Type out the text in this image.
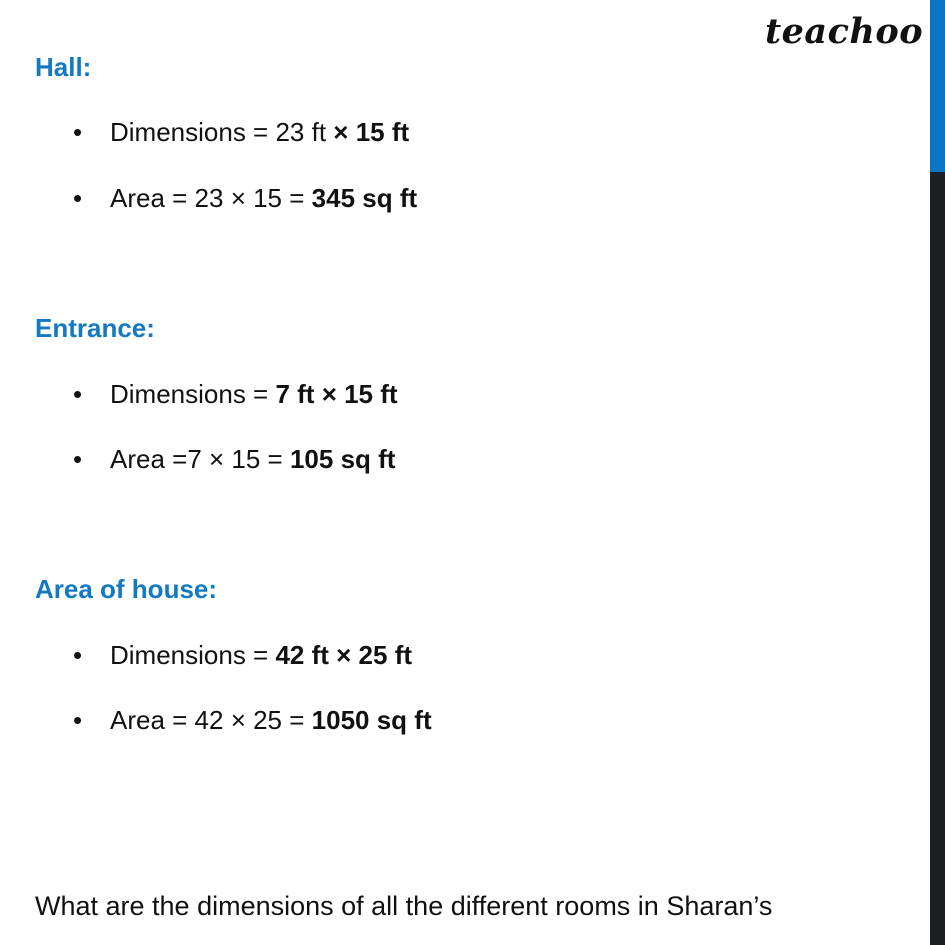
teachoo
Hall:
• Dimensions = 23 ft × 15 ft
• Area = 23 × 15 = 345 sq ft
Entrance:
• Dimensions = 7 ft × 15 ft
• Area =7 × 15 = 105 sq ft
Area of house:
• Dimensions = 42 ft × 25 ft
• Area = 42 × 25 = 1050 sq ft
What are the dimensions of all the different rooms in Sharan’s
